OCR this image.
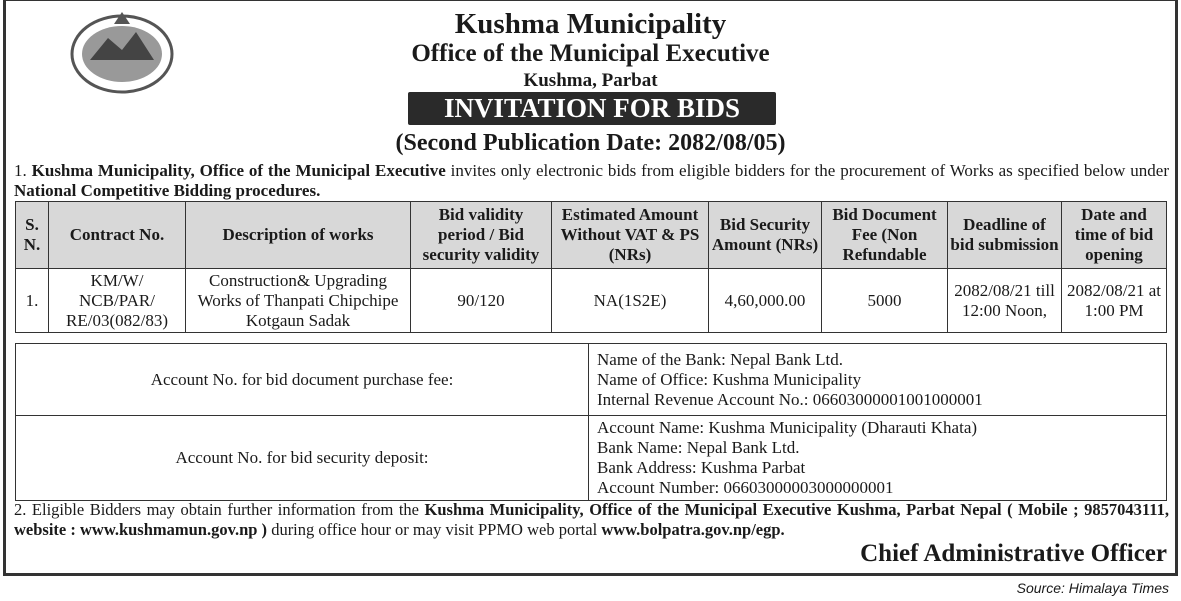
Kushma Municipality
Office of the Municipal Executive
Kushma, Parbat
INVITATION FOR BIDS
(Second Publication Date: 2082/08/05)
1. Kushma Municipality, Office of the Municipal Executive invites only electronic bids from eligible bidders for the procurement of Works as specified below under National Competitive Bidding procedures.
S. N.	Contract No.	Description of works	Bid validity period / Bid security validity	Estimated Amount Without VAT & PS (NRs)	Bid Security Amount (NRs)	Bid Document Fee (Non Refundable	Deadline of bid submission	Date and time of bid opening
1.	KM/W/ NCB/PAR/ RE/03(082/83)	Construction& Upgrading Works of Thanpati Chipchipe Kotgaun Sadak	90/120	NA(1S2E)	4,60,000.00	5000	2082/08/21 till 12:00 Noon,	2082/08/21 at 1:00 PM
Account No. for bid document purchase fee:	Name of the Bank: Nepal Bank Ltd.
Name of Office: Kushma Municipality
Internal Revenue Account No.: 06603000001001000001

Account No. for bid security deposit:	Account Name: Kushma Municipality (Dharauti Khata)
Bank Name: Nepal Bank Ltd.
Bank Address: Kushma Parbat
Account Number: 06603000003000000001
2. Eligible Bidders may obtain further information from the Kushma Municipality, Office of the Municipal Executive Kushma, Parbat Nepal ( Mobile ; 9857043111, website : www.kushmamun.gov.np ) during office hour or may visit PPMO web portal www.bolpatra.gov.np/egp.
Chief Administrative Officer
Source: Himalaya Times
